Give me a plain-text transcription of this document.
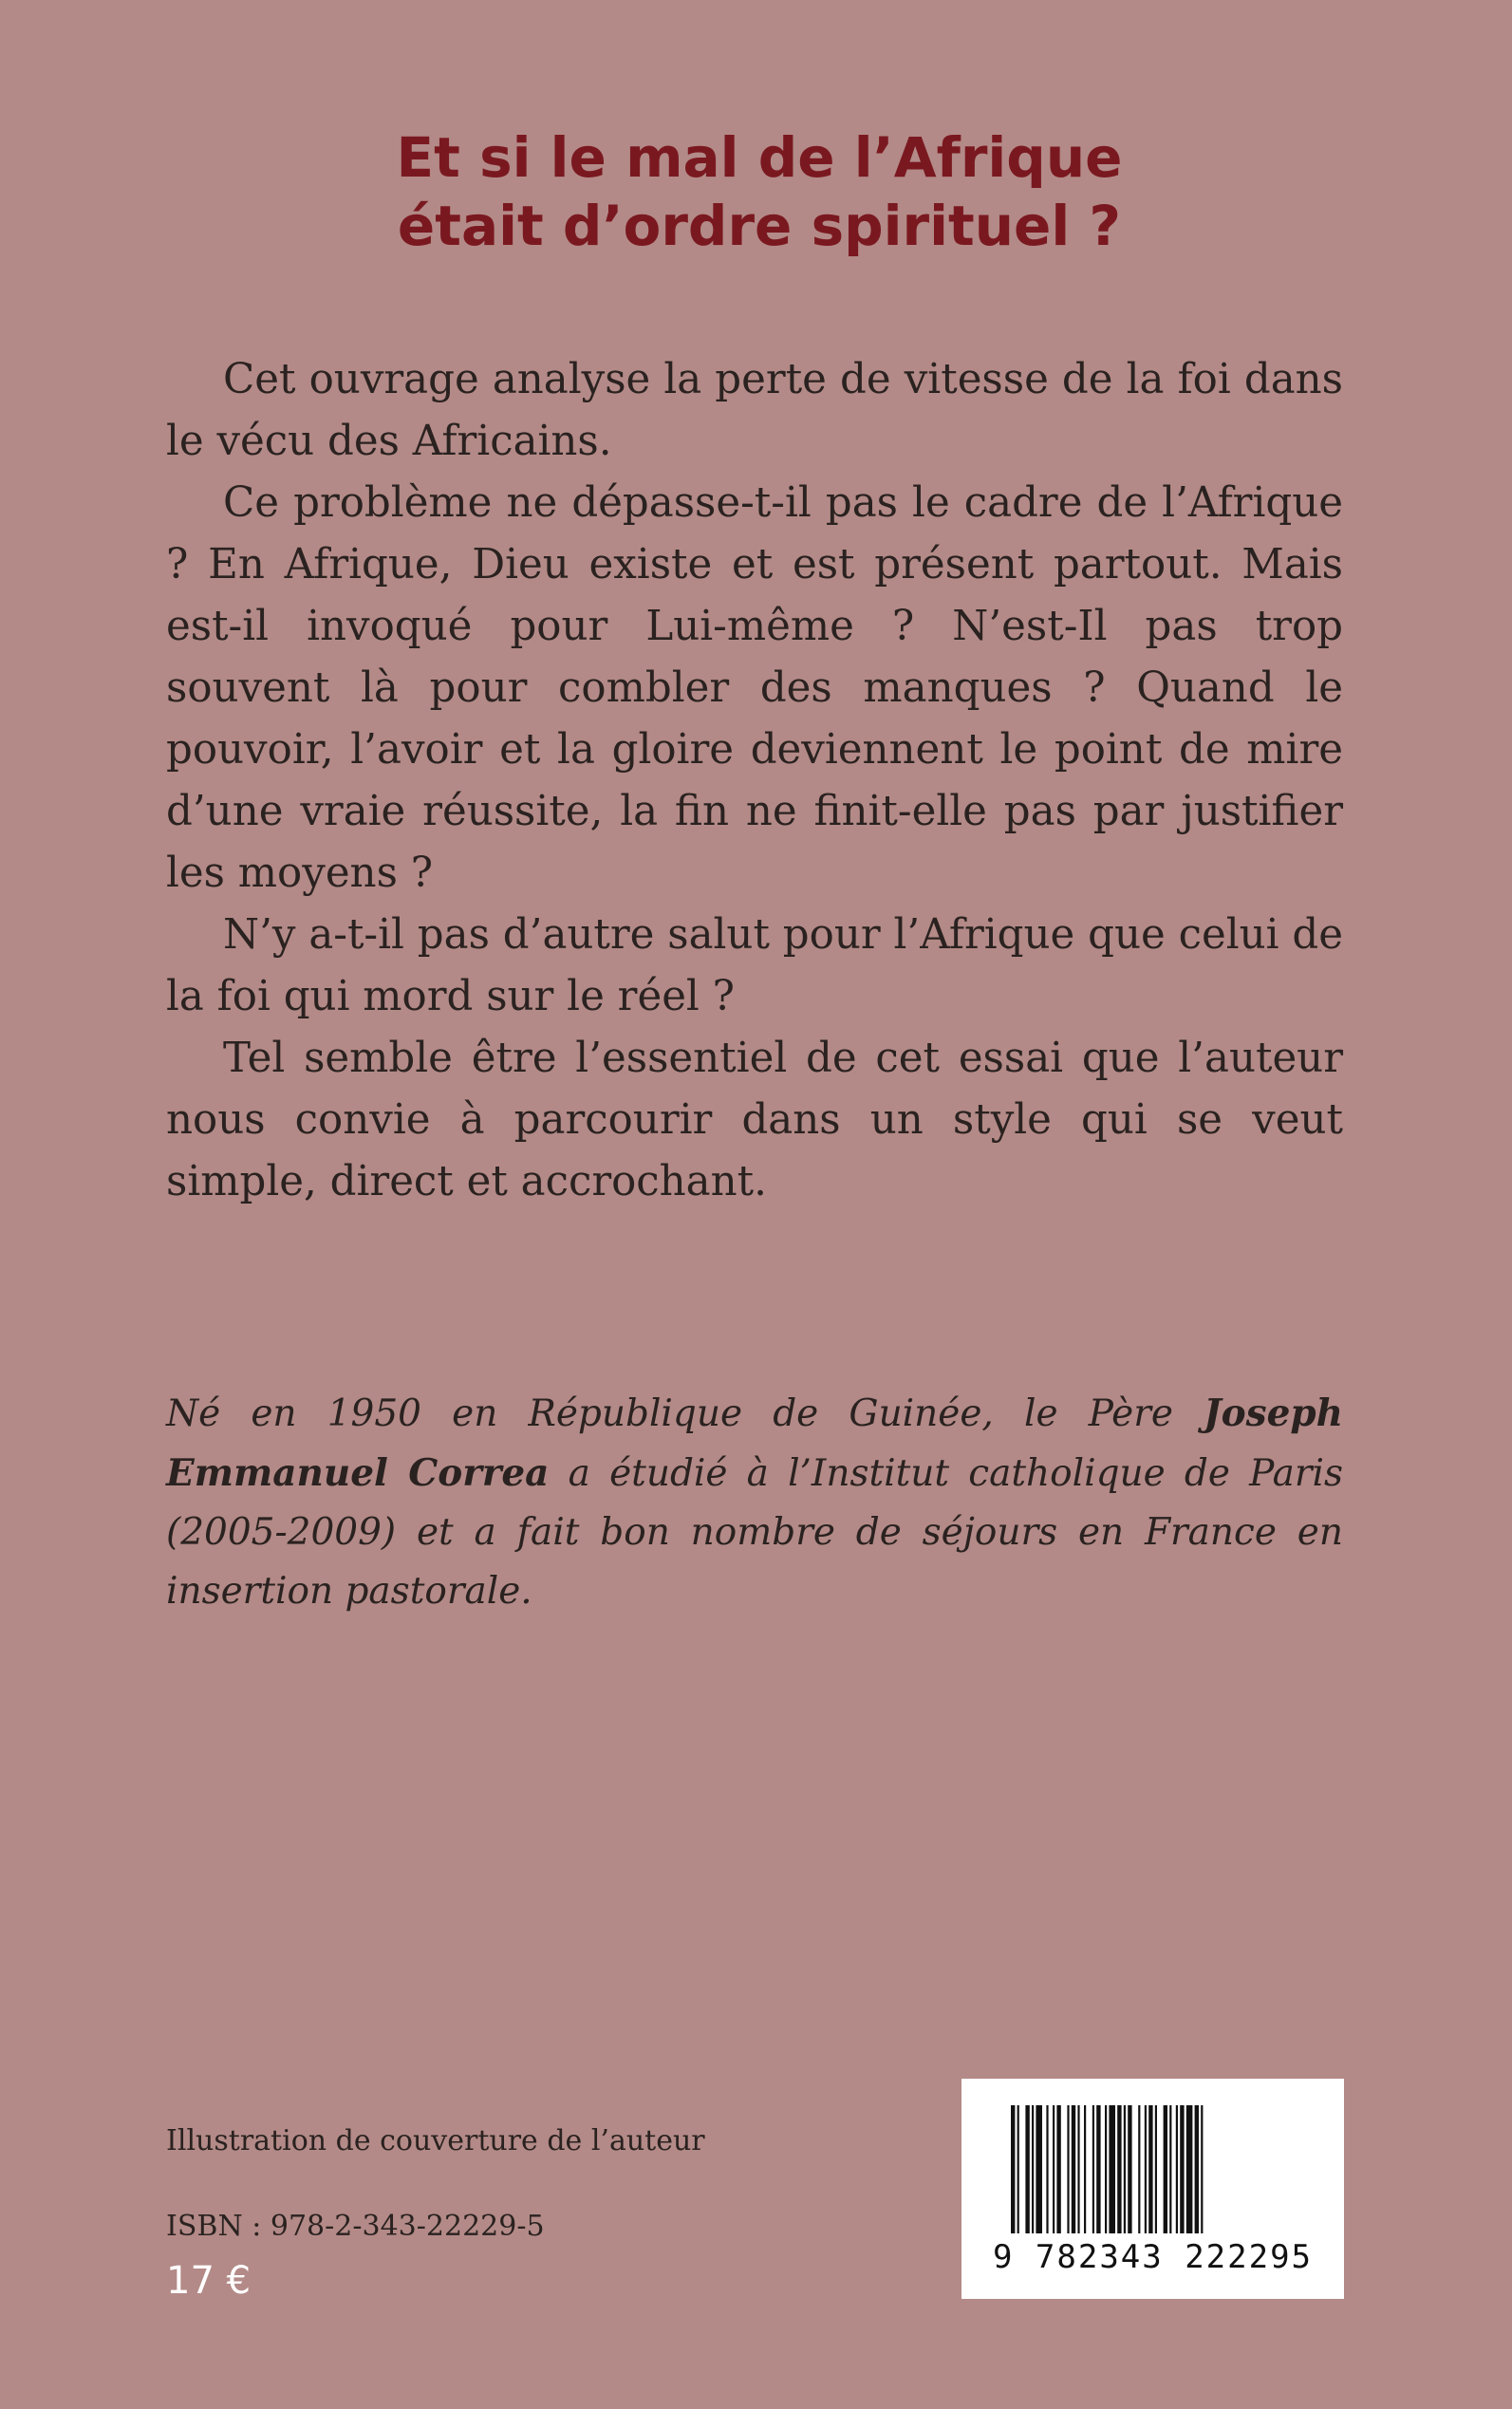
Et si le mal de l’Afrique
était d’ordre spirituel ?

Cet ouvrage analyse la perte de vitesse de la foi dans le vécu des Africains.

Ce problème ne dépasse-t-il pas le cadre de l’Afrique ? En Afrique, Dieu existe et est présent partout. Mais est-il invoqué pour Lui-même ? N’est-Il pas trop souvent là pour combler des manques ? Quand le pouvoir, l’avoir et la gloire deviennent le point de mire d’une vraie réussite, la fin ne finit-elle pas par justifier les moyens ?

N’y a-t-il pas d’autre salut pour l’Afrique que celui de la foi qui mord sur le réel ?

Tel semble être l’essentiel de cet essai que l’auteur nous convie à parcourir dans un style qui se veut simple, direct et accrochant.

Né en 1950 en République de Guinée, le Père Joseph Emmanuel Correa a étudié à l’Institut catholique de Paris (2005-2009) et a fait bon nombre de séjours en France en insertion pastorale.

Illustration de couverture de l’auteur
ISBN : 978-2-343-22229-5
17 €
9 782343 222295
